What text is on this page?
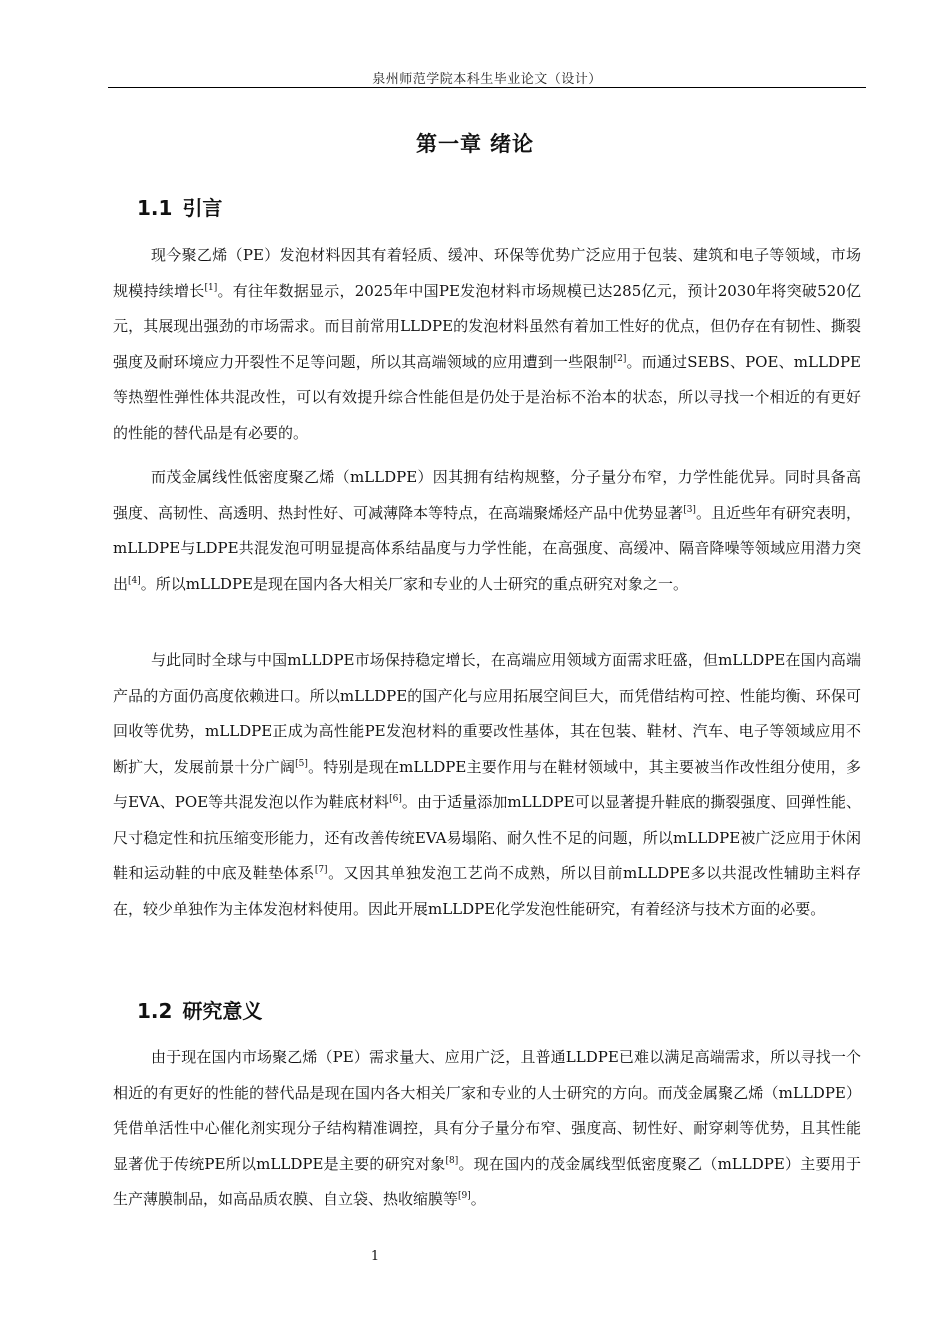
泉州师范学院本科生毕业论文（设计）
第一章 绪论
1.1 引言

现今聚乙烯（PE）发泡材料因其有着轻质、缓冲、环保等优势广泛应用于包装、建筑和电子等领域，市场规模持续增长[1]。有往年数据显示，2025年中国PE发泡材料市场规模已达285亿元，预计2030年将突破520亿元，其展现出强劲的市场需求。而目前常用LLDPE的发泡材料虽然有着加工性好的优点，但仍存在有韧性、撕裂强度及耐环境应力开裂性不足等问题，所以其高端领域的应用遭到一些限制[2]。而通过SEBS、POE、mLLDPE等热塑性弹性体共混改性，可以有效提升综合性能但是仍处于是治标不治本的状态，所以寻找一个相近的有更好的性能的替代品是有必要的。

而茂金属线性低密度聚乙烯（mLLDPE）因其拥有结构规整，分子量分布窄，力学性能优异。同时具备高强度、高韧性、高透明、热封性好、可减薄降本等特点，在高端聚烯烃产品中优势显著[3]。且近些年有研究表明，mLLDPE与LDPE共混发泡可明显提高体系结晶度与力学性能，在高强度、高缓冲、隔音降噪等领域应用潜力突出[4]。所以mLLDPE是现在国内各大相关厂家和专业的人士研究的重点研究对象之一。

与此同时全球与中国mLLDPE市场保持稳定增长，在高端应用领域方面需求旺盛，但mLLDPE在国内高端产品的方面仍高度依赖进口。所以mLLDPE的国产化与应用拓展空间巨大，而凭借结构可控、性能均衡、环保可回收等优势，mLLDPE正成为高性能PE发泡材料的重要改性基体，其在包装、鞋材、汽车、电子等领域应用不断扩大，发展前景十分广阔[5]。特别是现在mLLDPE主要作用与在鞋材领域中，其主要被当作改性组分使用，多与EVA、POE等共混发泡以作为鞋底材料[6]。由于适量添加mLLDPE可以显著提升鞋底的撕裂强度、回弹性能、尺寸稳定性和抗压缩变形能力，还有改善传统EVA易塌陷、耐久性不足的问题，所以mLLDPE被广泛应用于休闲鞋和运动鞋的中底及鞋垫体系[7]。又因其单独发泡工艺尚不成熟，所以目前mLLDPE多以共混改性辅助主料存在，较少单独作为主体发泡材料使用。因此开展mLLDPE化学发泡性能研究，有着经济与技术方面的必要。

1.2 研究意义

由于现在国内市场聚乙烯（PE）需求量大、应用广泛，且普通LLDPE已难以满足高端需求，所以寻找一个相近的有更好的性能的替代品是现在国内各大相关厂家和专业的人士研究的方向。而茂金属聚乙烯（mLLDPE）凭借单活性中心催化剂实现分子结构精准调控，具有分子量分布窄、强度高、韧性好、耐穿刺等优势，且其性能显著优于传统PE所以mLLDPE是主要的研究对象[8]。现在国内的茂金属线型低密度聚乙（mLLDPE）主要用于生产薄膜制品，如高品质农膜、自立袋、热收缩膜等[9]。

1
